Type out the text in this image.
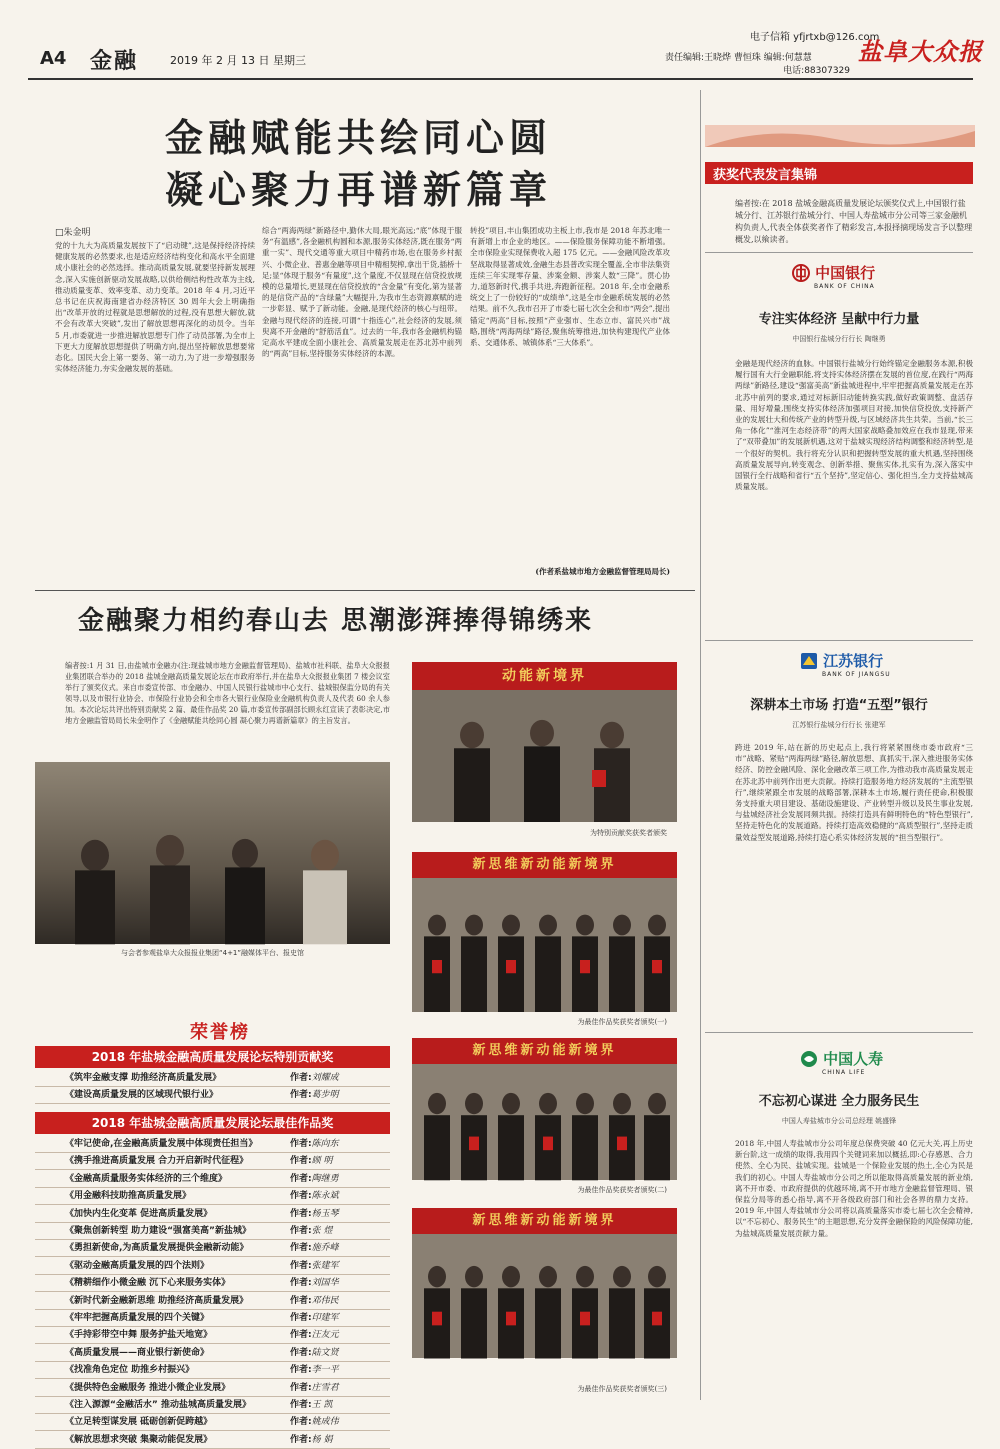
A4 金融	2019 年 2 月 13 日 星期三
电子信箱 yfjrtxb@126.com
责任编辑:王晓烨 曹恒珠 编辑:何慧慧
电话:88307329
盐阜大众报
金融赋能共绘同心圆
凝心聚力再谱新篇章
□朱金明
党的十九大为高质量发展按下了“启动键”,这是保持经济持续健康发展的必然要求,也是适应经济结构变化和高水平全面建成小康社会的必然选择。推动高质量发展,就要坚持新发展理念,深入实施创新驱动发展战略,以供给侧结构性改革为主线,推动质量变革、效率变革、动力变革。2018 年 4 月,习近平总书记在庆祝海南建省办经济特区 30 周年大会上明确指出“改革开放的过程就是思想解放的过程,没有思想大解放,就不会有改革大突破”,发出了解放思想再深化的动员令。当年 5 月,市委就进一步推进解放思想专门作了动员部署,为全市上下更大力度解放思想提供了明确方向,提出坚持解放思想要常态化。国民大会上第一要务、第一动力,为了进一步增强服务实体经济能力,夯实金融发展的基础。
综合“两海两绿”新路径中,勤休大局,眼光高远;“底”体现于服务“有温感”,各金融机构圆和本源,服务实体经济,既在服务“两重一实”、现代交通等重大项目中精药市场,也在服务乡村振兴、小微企业、普惠金融等项目中精相契榨,拿出干货,插桥十足;显“体现于服务“有量度”,这个量度,不仅显现在信贷投放规模的总量增长,更显现在信贷投放的“含金量”有变化,第为显著的是信贷产品的“含绿量”大幅提升,为我市生态资源禀赋的进一步彰显、赋予了新动能。金融,是现代经济的核心与纽带。金融与现代经济的连接,可谓“十指连心”,社会经济的发展,须臾离不开金融的“舒筋活血”。过去的一年,我市各金融机构锚定高水平建成全面小康社会、高质量发展走在苏北苏中前列的“两高”目标,坚持服务实体经济的本源。
转投”项目,丰山集团成功主板上市,我市是 2018 年苏北唯一有新增上市企业的地区。——保险服务保障功能不断增强。全市保险业实现保费收入超 175 亿元。——金融风险改革攻坚战取得显著成效,金融生态县普改实现全覆盖,全市非法集资连续三年实现零存量、涉案金额、涉案人数“三降”。贯心协力,道怒新时代,携手共进,奔跑新征程。2018 年,全市金融系统交上了一份较好的“成绩单”,这是全市金融系统发展的必然结果。前不久,我市召开了市委七届七次全会和市“两会”,提出锚定“两高”目标,按照“产业强市、生态立市、富民兴市”战略,围绕“两海两绿”路径,聚焦统筹推进,加快构建现代产业体系、交通体系、城镇体系“三大体系”。
(作者系盐城市地方金融监督管理局局长)
获奖代表发言集锦
编者按:在 2018 盐城金融高质量发展论坛颁奖仪式上,中国银行盐城分行、江苏银行盐城分行、中国人寿盐城市分公司等三家金融机构负责人,代表全体获奖者作了精彩发言,本报择摘现场发言予以整理概发,以飨读者。
中国银行
BANK OF CHINA
专注实体经济 呈献中行力量
中国银行盐城分行行长 陶继勇
金融是现代经济的血脉。中国银行盐城分行始终锚定金融服务本源,积极履行国有大行金融职能,将支持实体经济摆在发展的首位度,在践行“两海两绿”新路径,建设“强富美高”新盐城进程中,牢牢把握高质量发展走在苏北苏中前列的要求,通过对标新旧动能转换实践,做好政策调整、盘活存量、用好增量,围绕支持实体经济加强项目对接,加快信贷投放,支持新产业的发展壮大和传统产业的转型升级,与区域经济共生共荣。当前,“长三角一体化”“淮河生态经济带”的两大国家战略叠加效应在我市显现,带来了“双带叠加”的发展新机遇,这对于盐城实现经济结构调整和经济转型,是一个很好的契机。我行将充分认识和把握转型发展的重大机遇,坚持围绕高质量发展导向,转变观念、创新举措、聚焦实体,扎实有为,深入落实中国银行全行战略和省行“五个坚持”,坚定信心、强化担当,全力支持盐城高质量发展。
江苏银行
BANK OF JIANGSU
深耕本土市场 打造“五型”银行
江苏银行盐城分行行长 张建军
跨进 2019 年,站在新的历史起点上,我行将紧紧围绕市委市政府“三市”战略、紧贴“两海两绿”路径,解放思想、真抓实干,深入推进服务实体经济、防控金融风险、深化金融改革三项工作,为推动我市高质量发展走在苏北苏中前列作出更大贡献。持续打造服务地方经济发展的“主流型银行”,继续紧跟全市发展的战略部署,深耕本土市场,履行责任使命,积极服务支持重大项目建设、基础设施建设、产业转型升级以及民生事业发展,与盐城经济社会发展同频共振。持续打造具有鲜明特色的“特色型银行”,坚持走特色化的发展道路。持续打造高效稳健的“高质型银行”,坚持走质量效益型发展道路,持续打造心系实体经济发展的“担当型银行”。
中国人寿
CHINA LIFE
不忘初心谋进 全力服务民生
中国人寿盐城市分公司总经理 姚盛锋
2018 年,中国人寿盐城市分公司年度总保费突破 40 亿元大关,再上历史新台阶,这一成绩的取得,我用四个关键词来加以概括,即:心存感恩、合力使然、全心为民、盐城实现。盐城是一个保险业发展的热土,全心为民是我们的初心。中国人寿盐城市分公司之所以能取得高质量发展的新业绩,离不开市委、市政府提供的优越环境,离不开市地方金融监督管理局、银保监分局等的悉心指导,离不开各级政府部门和社会各界的鼎力支持。2019 年,中国人寿盐城市分公司将以高质量落实市委七届七次全会精神,以“不忘初心、服务民生”的主题思想,充分发挥金融保险的风险保障功能,为盐城高质量发展贡献力量。
金融聚力相约春山去 思潮澎湃捧得锦绣来
编者按:1 月 31 日,由盐城市金融办(注:现盐城市地方金融监督管理局)、盐城市社科联、盐阜大众报报业集团联合举办的 2018 盐城金融高质量发展论坛在市政府举行,并在盐阜大众报报业集团 7 楼会议室举行了颁奖仪式。来自市委宣传部、市金融办、中国人民银行盐城市中心支行、盐城银保监分局的有关领导,以及市银行业协会、市保险行业协会和全市各大银行业保险业金融机构负责人及代表 60 余人参加。本次论坛共评出特别贡献奖 2 篇、最佳作品奖 20 篇,市委宣传部副部长顾永红宣读了表彰决定,市地方金融监管局局长朱金明作了《金融赋能共绘同心圆 凝心聚力再谱新篇章》的主旨发言。
与会者参观盐阜大众报报业集团“4+1”融媒体平台、报史馆
动能新境界
为特别贡献奖获奖者颁奖
新思维新动能新境界
为最佳作品奖获奖者颁奖(一)
新思维新动能新境界
为最佳作品奖获奖者颁奖(二)
新思维新动能新境界
为最佳作品奖获奖者颁奖(三)
荣誉榜
2018 年盐城金融高质量发展论坛特别贡献奖
《筑牢金融支撑 助推经济高质量发展》	作者:刘耀成
《建设高质量发展的区域现代银行业》	作者:葛步明
2018 年盐城金融高质量发展论坛最佳作品奖
《牢记使命,在金融高质量发展中体现责任担当》	作者:陈向东
《携手推进高质量发展 合力开启新时代征程》	作者:顾 明
《金融高质量服务实体经济的三个维度》	作者:陶继勇
《用金融科技助推高质量发展》	作者:陈永斌
《加快内生化变革 促进高质量发展》	作者:杨玉琴
《聚焦创新转型 助力建设“强富美高”新盐城》	作者:张 煜
《勇担新使命,为高质量发展提供金融新动能》	作者:施乔峰
《驱动金融高质量发展的四个法则》	作者:张建军
《精耕细作小微金融 沉下心来服务实体》	作者:刘国华
《新时代新金融新思维 助推经济高质量发展》	作者:邓伟民
《牢牢把握高质量发展的四个关键》	作者:印建军
《手持彩带空中舞 服务护盐天地宽》	作者:汪友元
《高质量发展——商业银行新使命》	作者:陆文贤
《找准角色定位 助推乡村振兴》	作者:李一平
《提供特色金融服务 推进小微企业发展》	作者:庄雪君
《注入源源“金融活水” 推动盐城高质量发展》	作者:王 凯
《立足转型谋发展 砥砺创新促跨越》	作者:姚成伟
《解放思想求突破 集聚动能促发展》	作者:杨 娟
